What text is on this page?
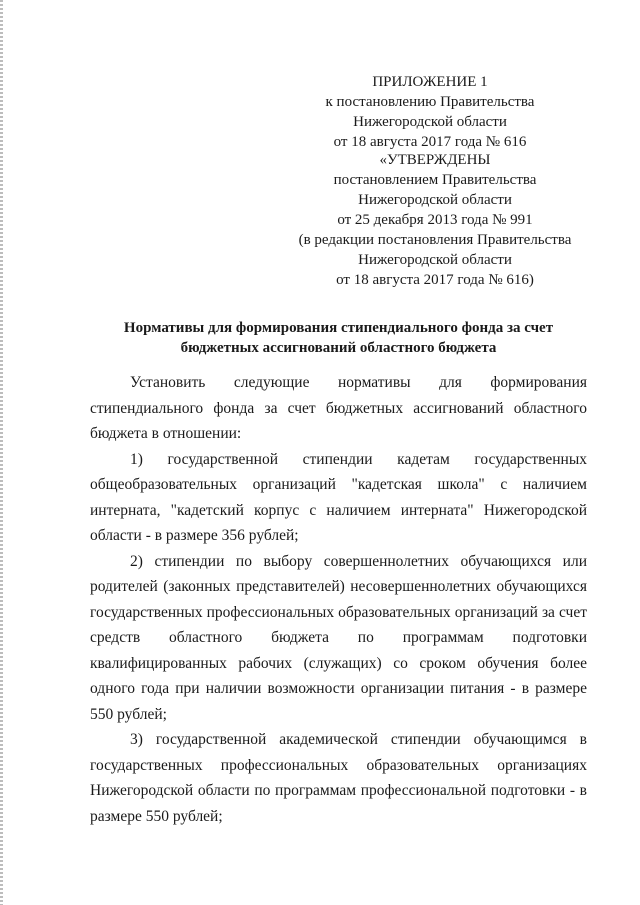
ПРИЛОЖЕНИЕ 1
к постановлению Правительства
Нижегородской области
от 18 августа 2017 года № 616
«УТВЕРЖДЕНЫ
постановлением Правительства
Нижегородской области
от 25 декабря 2013 года № 991
(в редакции постановления Правительства
Нижегородской области
от 18 августа 2017 года № 616)
Нормативы для формирования стипендиального фонда за счет
бюджетных ассигнований областного бюджета

Установить следующие нормативы для формирования стипендиального фонда за счет бюджетных ассигнований областного бюджета в отношении:

1) государственной стипендии кадетам государственных общеобразовательных организаций "кадетская школа" с наличием интерната, "кадетский корпус с наличием интерната" Нижегородской области - в размере 356 рублей;

2) стипендии по выбору совершеннолетних обучающихся или родителей (законных представителей) несовершеннолетних обучающихся государственных профессиональных образовательных организаций за счет средств областного бюджета по программам подготовки квалифицированных рабочих (служащих) со сроком обучения более одного года при наличии возможности организации питания - в размере 550 рублей;

3) государственной академической стипендии обучающимся в государственных профессиональных образовательных организациях Нижегородской области по программам профессиональной подготовки - в размере 550 рублей;
